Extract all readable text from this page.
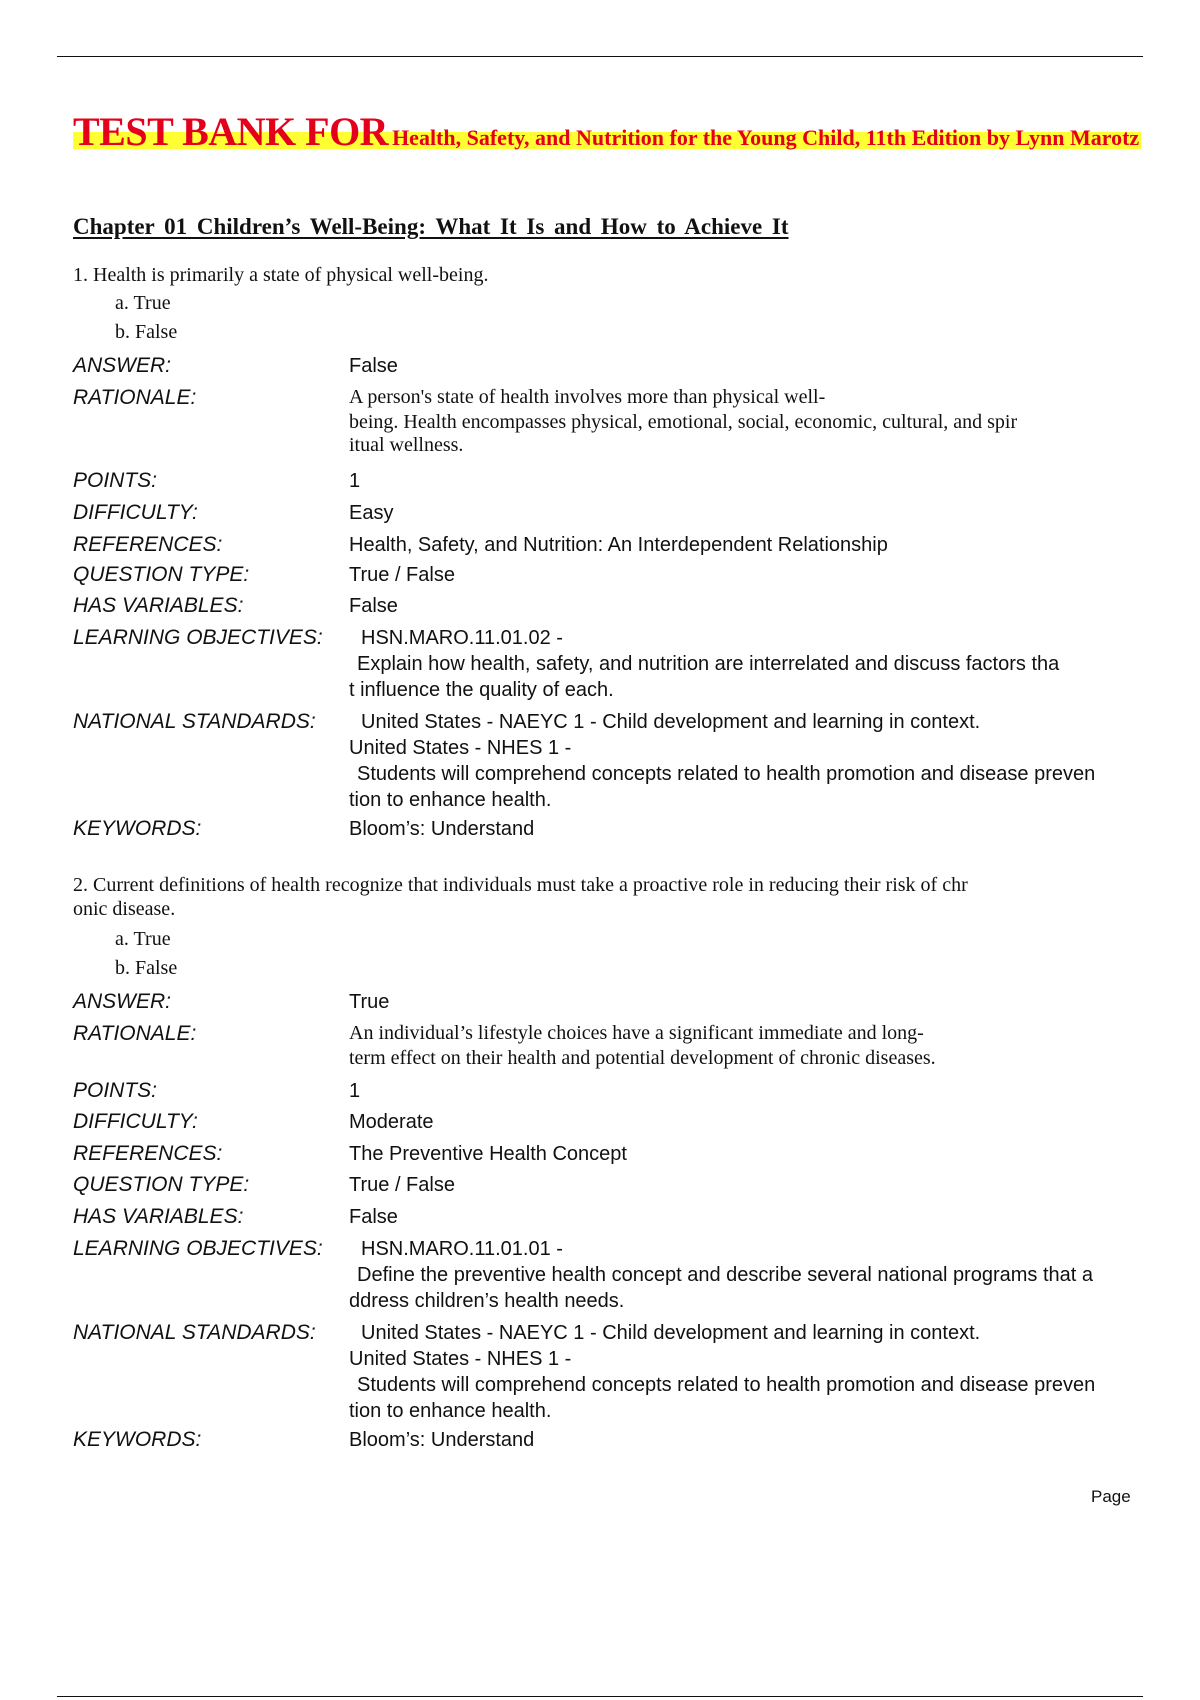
TEST BANK FOR Health, Safety, and Nutrition for the Young Child, 11th Edition by Lynn Marotz
Chapter 01 Children’s Well-Being: What It Is and How to Achieve It
1. Health is primarily a state of physical well-being.
a. True
b. False
ANSWER:	False
RATIONALE:	A person's state of health involves more than physical well-
being. Health encompasses physical, emotional, social, economic, cultural, and spir
itual wellness.
POINTS:	1
DIFFICULTY:	Easy
REFERENCES:	Health, Safety, and Nutrition: An Interdependent Relationship
QUESTION TYPE:	True / False
HAS VARIABLES:	False
LEARNING OBJECTIVES:	HSN.MARO.11.01.02 -
Explain how health, safety, and nutrition are interrelated and discuss factors tha
t influence the quality of each.
NATIONAL STANDARDS:	United States - NAEYC 1 - Child development and learning in context.
United States - NHES 1 -
Students will comprehend concepts related to health promotion and disease preven
tion to enhance health.
KEYWORDS:	Bloom’s: Understand
2. Current definitions of health recognize that individuals must take a proactive role in reducing their risk of chr
onic disease.
a. True
b. False
ANSWER:	True
RATIONALE:	An individual’s lifestyle choices have a significant immediate and long-
term effect on their health and potential development of chronic diseases.
POINTS:	1
DIFFICULTY:	Moderate
REFERENCES:	The Preventive Health Concept
QUESTION TYPE:	True / False
HAS VARIABLES:	False
LEARNING OBJECTIVES:	HSN.MARO.11.01.01 -
Define the preventive health concept and describe several national programs that a
ddress children’s health needs.
NATIONAL STANDARDS:	United States - NAEYC 1 - Child development and learning in context.
United States - NHES 1 -
Students will comprehend concepts related to health promotion and disease preven
tion to enhance health.
KEYWORDS:	Bloom’s: Understand
Page
